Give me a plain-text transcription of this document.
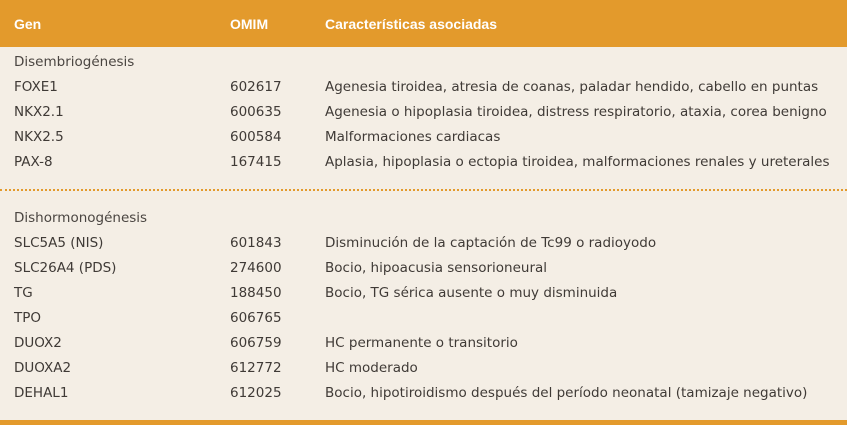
Gen	OMIM	Características asociadas
Disembriogénesis
FOXE1	602617	Agenesia tiroidea, atresia de coanas, paladar hendido, cabello en puntas
NKX2.1	600635	Agenesia o hipoplasia tiroidea, distress respiratorio, ataxia, corea benigno
NKX2.5	600584	Malformaciones cardiacas
PAX-8	167415	Aplasia, hipoplasia o ectopia tiroidea, malformaciones renales y ureterales
Dishormonogénesis
SLC5A5 (NIS)	601843	Disminución de la captación de Tc99 o radioyodo
SLC26A4 (PDS)	274600	Bocio, hipoacusia sensorioneural
TG	188450	Bocio, TG sérica ausente o muy disminuida
TPO	606765
DUOX2	606759	HC permanente o transitorio
DUOXA2	612772	HC moderado
DEHAL1	612025	Bocio, hipotiroidismo después del período neonatal (tamizaje negativo)
